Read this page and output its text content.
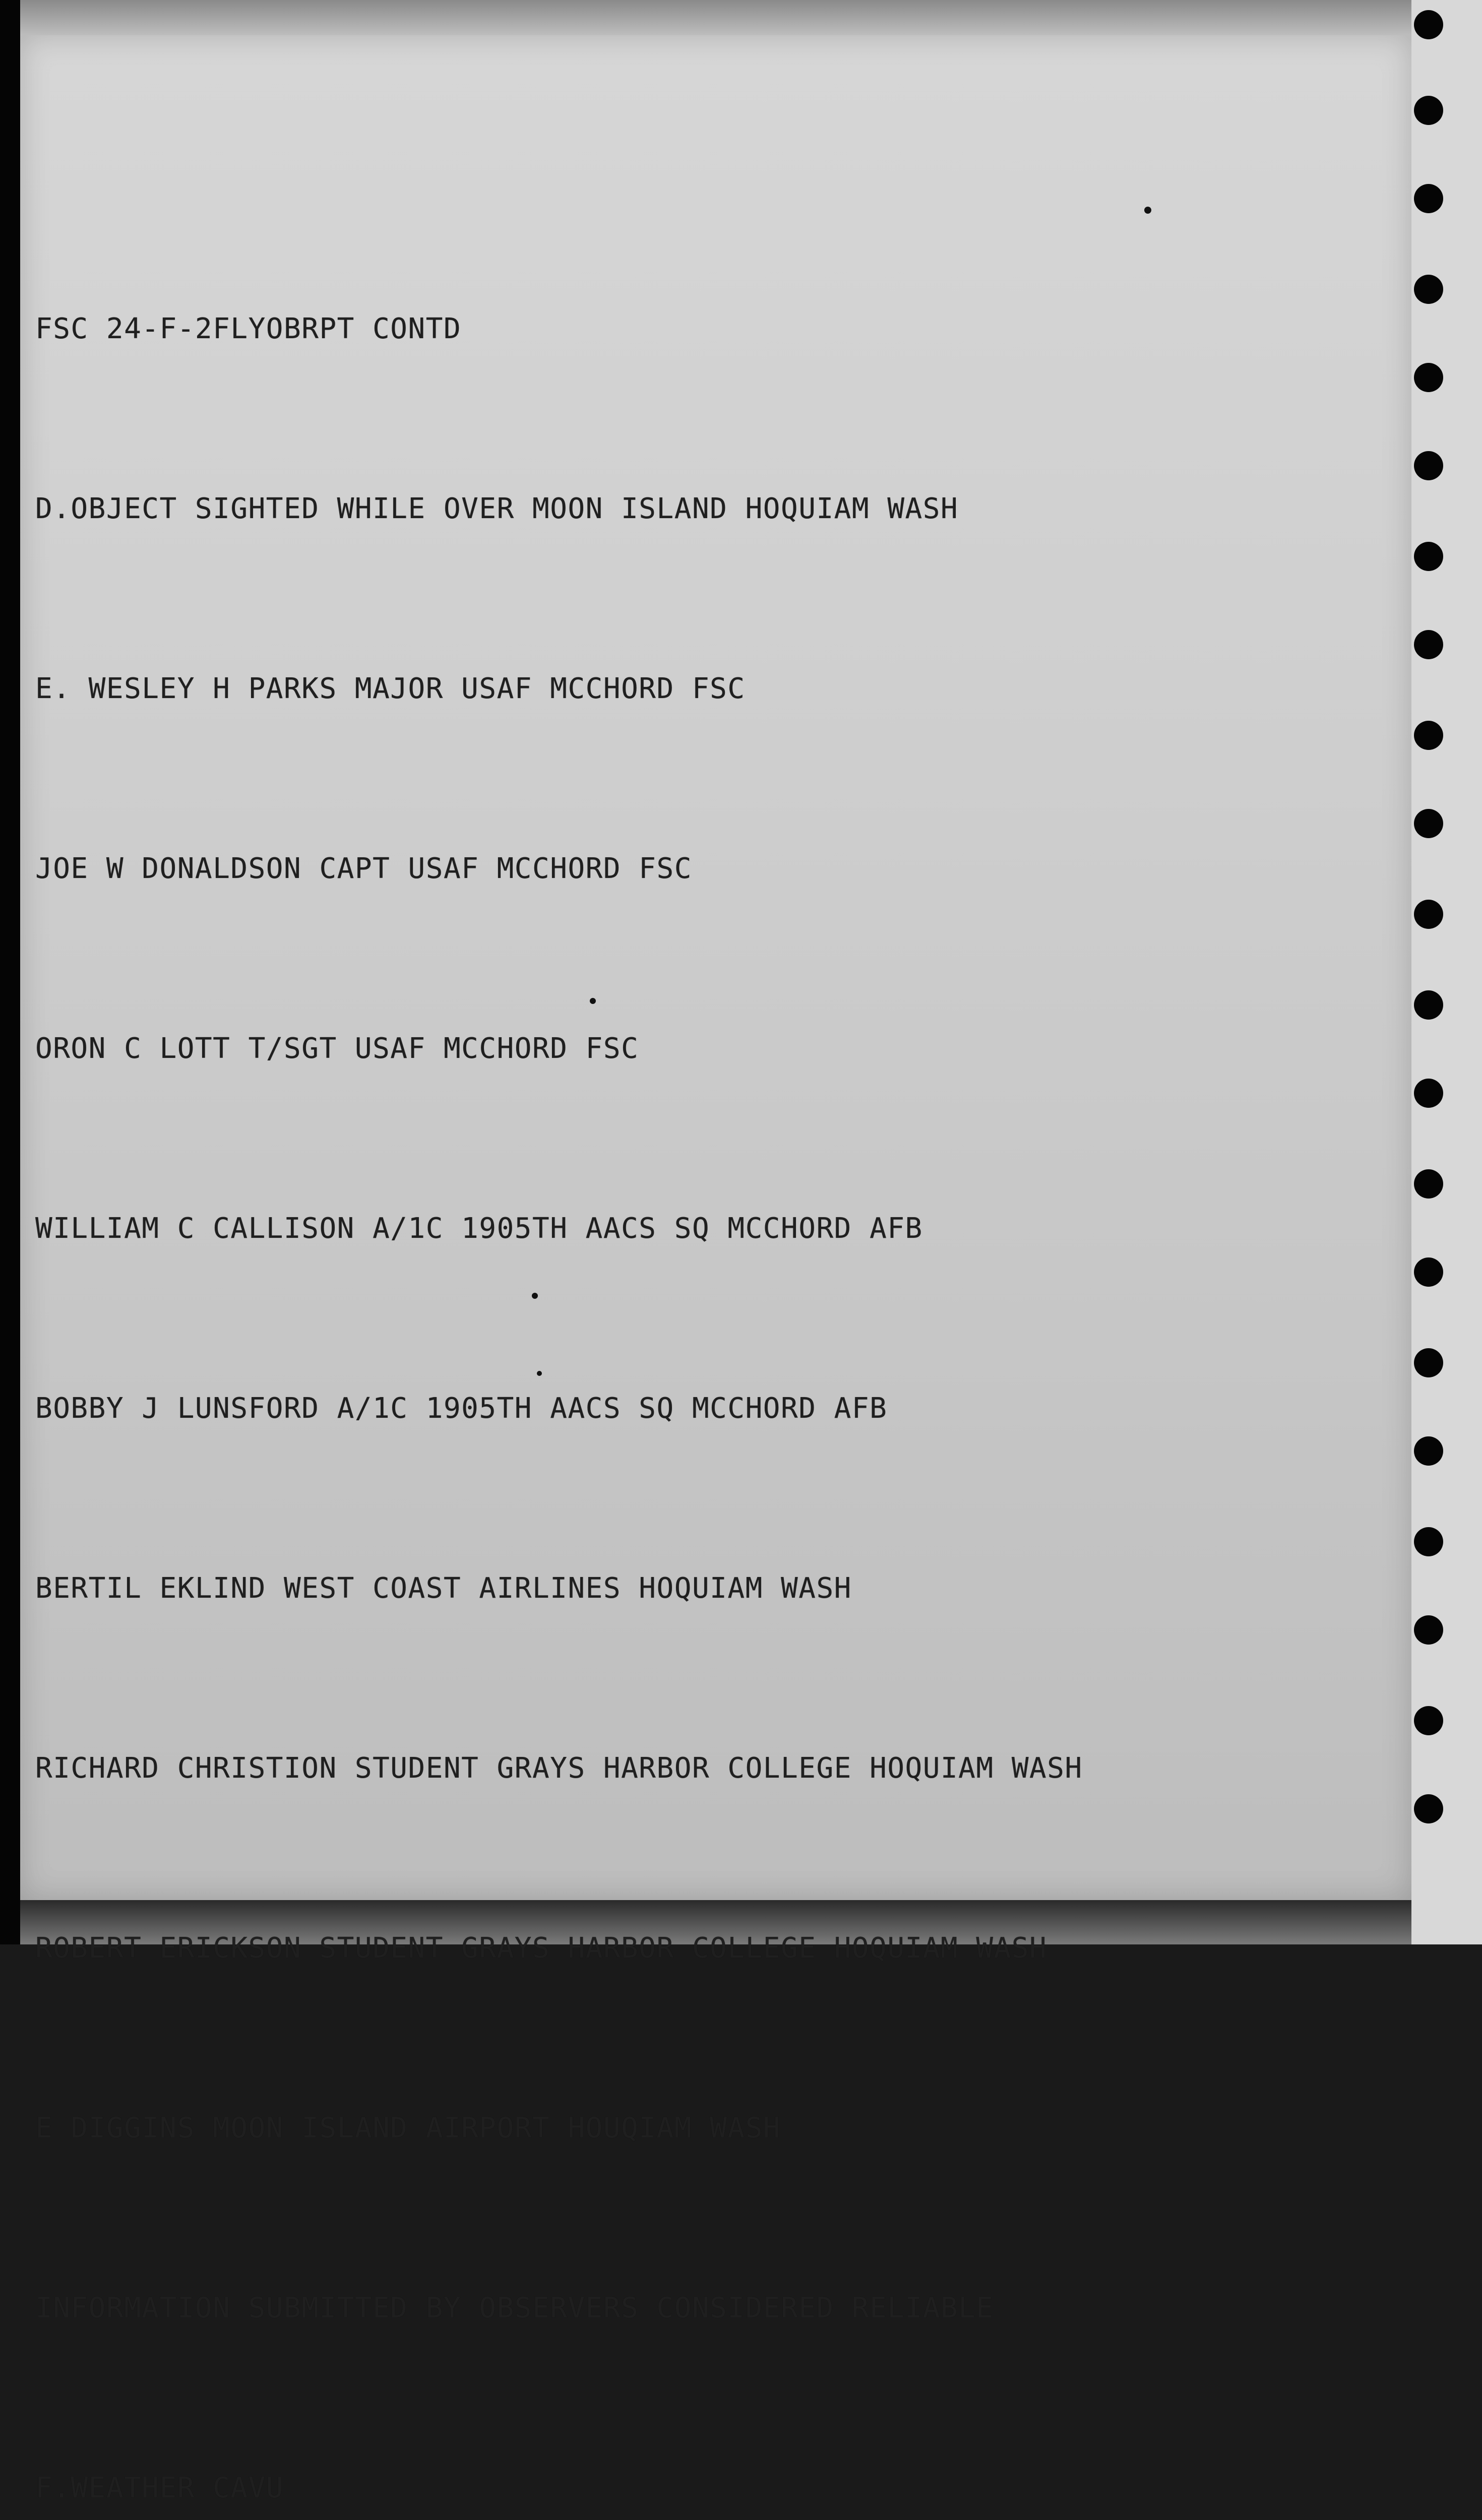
FSC 24-F-2FLYOBRPT CONTD

D.OBJECT SIGHTED WHILE OVER MOON ISLAND HOQUIAM WASH

E. WESLEY H PARKS MAJOR USAF MCCHORD FSC

JOE W DONALDSON CAPT USAF MCCHORD FSC

ORON C LOTT T/SGT USAF MCCHORD FSC

WILLIAM C CALLISON A/1C 1905TH AACS SQ MCCHORD AFB

BOBBY J LUNSFORD A/1C 1905TH AACS SQ MCCHORD AFB

BERTIL EKLIND WEST COAST AIRLINES HOQUIAM WASH

RICHARD CHRISTION STUDENT GRAYS HARBOR COLLEGE HOQUIAM WASH

ROBERT ERICKSON STUDENT GRAYS HARBOR COLLEGE HOQUIAM WASH

E DIGGINS MOON ISLAND AIRPORT HOUQIAM WASH

INFORMATION SUBMITTED BY OBSERVERS CONSIDERED RELIABLE

F.WEATHER CAVU
